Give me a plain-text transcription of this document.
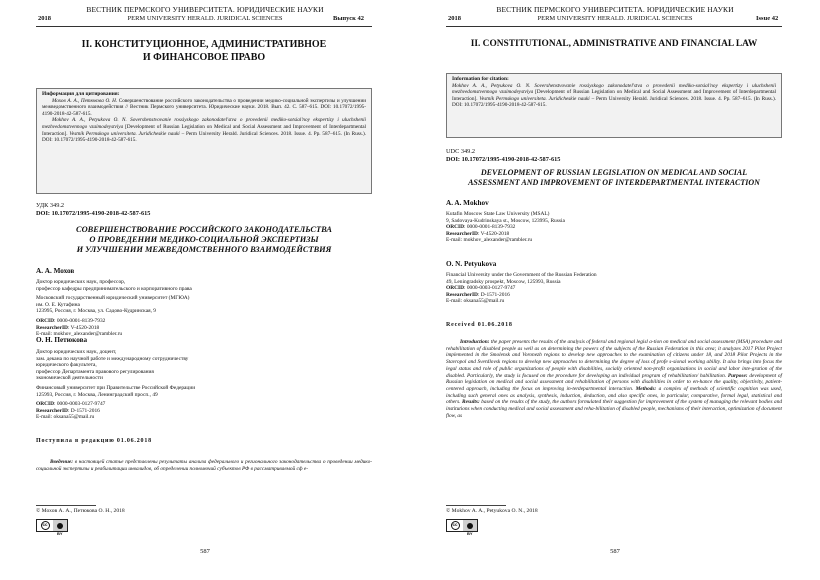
ВЕСТНИК ПЕРМСКОГО УНИВЕРСИТЕТА. ЮРИДИЧЕСКИЕ НАУКИ
PERM UNIVERSITY HERALD. JURIDICAL SCIENCES
2018	Выпуск 42
II. КОНСТИТУЦИОННОЕ, АДМИНИСТРАТИВНОЕ
И ФИНАНСОВОЕ ПРАВО
Информация для цитирования:

Мохов А. А., Петюкова О. Н. Совершенствование российского законодательства о проведении медико-социальной экспертизы и улучшении межведомственного взаимодействия // Вестник Пермского университета. Юридические науки. 2018. Вып. 42. C. 587–615. DOI: 10.17072/1995-4190-2018-42-587-615.

Mokhov A. A., Petyukova O. N. Sovershenstvovanie rossiyskogo zakonodatel'stva o provedenii mediko-sotsial'noy ekspertizy i uluchshenii mezhvedomstvennogo vzaimodeystviya [Development of Russian Legislation on Medical and Social Assessment and Improvement of Interdepartmental Interaction]. Vestnik Permskogo universiteta. Juridicheskie nauki – Perm University Herald. Juridical Sciences. 2018. Issue. 4. Pp. 587–615. (In Russ.). DOI: 10.17072/1995-4190-2018-42-587-615.

УДК 349.2
DOI: 10.17072/1995-4190-2018-42-587-615
СОВЕРШЕНСТВОВАНИЕ РОССИЙСКОГО ЗАКОНОДАТЕЛЬСТВА
О ПРОВЕДЕНИИ МЕДИКО-СОЦИАЛЬНОЙ ЭКСПЕРТИЗЫ
И УЛУЧШЕНИИ МЕЖВЕДОМСТВЕННОГО ВЗАИМОДЕЙСТВИЯ
А. А. Мохов
Доктор юридических наук, профессор,
профессор кафедры предпринимательского и корпоративного права
Московский государственный юридический университет (МГЮА)
им. О. Е. Кутафина
123995, Россия, г. Москва, ул. Садово-Кудринская, 9
ORCID: 0000-0001-8139-7932
ResearcherID: V-4520-2018
E-mail: mokhov_alexander@rambler.ru
О. Н. Петюкова
Доктор юридических наук, доцент,
зам. декана по научной работе и международному сотрудничеству
юридического факультета,
профессор Департамента правового регулирования
экономической деятельности
Финансовый университет при Правительстве Российской Федерации
125993, Россия, г. Москва, Ленинградский просп., 49
ORCID: 0000-0003-0127-9747
ResearcherID: D-1571-2016
E-mail: oksana55@mail.ru
Поступила в редакцию 01.06.2018
Введение: в настоящей статье представлены результаты анализа федерального и регионального законодательства о проведении медико-социальной экспертизы и реабилитации инвалидов, об определении полномочий субъектов РФ в рассматриваемой сф е-
© Мохов А. А., Петюкова О. Н., 2018
cc
BY
587
ВЕСТНИК ПЕРМСКОГО УНИВЕРСИТЕТА. ЮРИДИЧЕСКИЕ НАУКИ
PERM UNIVERSITY HERALD. JURIDICAL SCIENCES
2018	Issue 42
II. CONSTITUTIONAL, ADMINISTRATIVE AND FINANCIAL LAW
Information for citation:

Mokhov A. A., Petyukova O. N. Sovershenstvovanie rossiyskogo zakonodatel'stva o provedenii mediko-sotsial'noy ekspertizy i uluchshenii mezhvedomstvennogo vzaimodeystviya [Development of Russian Legislation on Medical and Social Assessment and Improvement of Interdepartmental Interaction]. Vestnik Permskogo universiteta. Juridicheskie nauki – Perm University Herald. Juridical Sciences. 2018. Issue. 4. Pp. 587–615. (In Russ.). DOI: 10.17072/1995-4190-2018-42-587-615.

UDC 349.2
DOI: 10.17072/1995-4190-2018-42-587-615
DEVELOPMENT OF RUSSIAN LEGISLATION ON MEDICAL AND SOCIAL
ASSESSMENT AND IMPROVEMENT OF INTERDEPARTMENTAL INTERACTION
A. A. Mokhov
Kutafin Moscow State Law University (MSAL)
9, Sadovaya-Kudrinskaya st., Moscow, 123995, Russia
ORCID: 0000-0001-8139-7932
ResearcherID: V-4520-2018
E-mail: mokhov_alexander@rambler.ru
O. N. Petyukova
Financial University under the Government of the Russian Federation
49, Leningradsky prospekt, Moscow, 125993, Russia
ORCID: 0000-0003-0127-9747
ResearcherID: D-1571-2016
E-mail: oksana55@mail.ru
Received 01.06.2018
Introduction: the paper presents the results of the analysis of federal and regional legisl a-tion on medical and social assessment (MSA) procedure and rehabilitation of disabled people as well as on determining the powers of the subjects of the Russian Federation in this area; it analyzes 2017 Pilot Project implemented in the Smolensk and Voronezh regions to develop new approaches to the examination of citizens under 18, and 2018 Pilot Projects in the Stavropol and Sverdlovsk regions to develop new approaches to determining the degree of loss of profe s-sional working ability. It also brings into focus the legal status and role of public organizations of people with disabilities, socially oriented non-profit organizations in social and labor inte-gration of the disabled. Particularly, the study is focused on the procedure for developing an individual program of rehabilitation/ habilitation. Purpose: development of Russian legislation on medical and social assessment and rehabilitation of persons with disabilities in order to en-hance the quality, objectivity, patient-centered approach, including the focus on improving in-terdepartmental interaction. Methods: a complex of methods of scientific cognition was used, including such general ones as analysis, synthesis, induction, deduction, and also specific ones, in particular, comparative, formal legal, statistical and others. Results: based on the results of the study, the authors formulated their suggestion for improvement of the system of managing the relevant bodies and institutions when conducting medical and social assessment and reha-bilitation of disabled people, mechanisms of their interaction, optimization of document flow, as
© Mokhov A. A., Petyukova O. N., 2018
cc
BY
587
